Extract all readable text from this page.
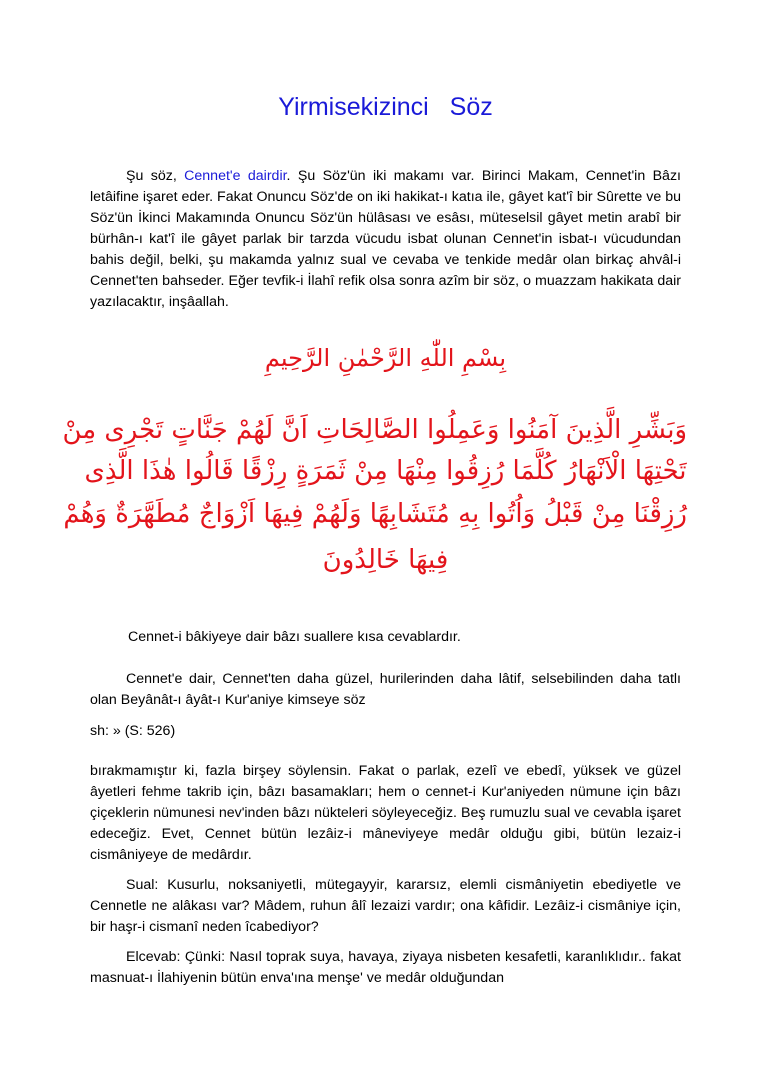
Yirmisekizinci Söz

Şu söz, Cennet'e dairdir. Şu Söz'ün iki makamı var. Birinci Makam, Cennet'in Bâzı letâifine işaret eder. Fakat Onuncu Söz'de on iki hakikat-ı katıa ile, gâyet kat'î bir Sûrette ve bu Söz'ün İkinci Makamında Onuncu Söz'ün hülâsası ve esâsı, müteselsil gâyet metin arabî bir bürhân-ı kat'î ile gâyet parlak bir tarzda vücudu isbat olunan Cennet'in isbat-ı vücudundan bahis değil, belki, şu makamda yalnız sual ve cevaba ve tenkide medâr olan birkaç ahvâl-i Cennet'ten bahseder. Eğer tevfik-i İlahî refik olsa sonra azîm bir söz, o muazzam hakikata dair yazılacaktır, inşâallah.

بِسْمِ اللّٰهِ الرَّحْمٰنِ الرَّحِيمِ
وَبَشِّرِ الَّذِينَ آمَنُوا وَعَمِلُوا الصَّالِحَاتِ اَنَّ لَهُمْ جَنَّاتٍ تَجْرِى مِنْ
تَحْتِهَا الْاَنْهَارُ كُلَّمَا رُزِقُوا مِنْهَا مِنْ ثَمَرَةٍ رِزْقًا قَالُوا هٰذَا الَّذِى
رُزِقْنَا مِنْ قَبْلُ وَاُتُوا بِهِ مُتَشَابِهًا وَلَهُمْ فِيهَا اَزْوَاجٌ مُطَهَّرَةٌ وَهُمْ
فِيهَا خَالِدُونَ

Cennet-i bâkiyeye dair bâzı suallere kısa cevablardır.

Cennet'e dair, Cennet'ten daha güzel, hurilerinden daha lâtif, selsebilinden daha tatlı olan Beyânât-ı âyât-ı Kur'aniye kimseye söz

sh: » (S: 526)

bırakmamıştır ki, fazla birşey söylensin. Fakat o parlak, ezelî ve ebedî, yüksek ve güzel âyetleri fehme takrib için, bâzı basamakları; hem o cennet-i Kur'aniyeden nümune için bâzı çiçeklerin nümunesi nev'inden bâzı nükteleri söyleyeceğiz. Beş rumuzlu sual ve cevabla işaret edeceğiz. Evet, Cennet bütün lezâiz-i mâneviyeye medâr olduğu gibi, bütün lezaiz-i cismâniyeye de medârdır.

Sual: Kusurlu, noksaniyetli, mütegayyir, kararsız, elemli cismâniyetin ebediyetle ve Cennetle ne alâkası var? Mâdem, ruhun âlî lezaizi vardır; ona kâfidir. Lezâiz-i cismâniye için, bir haşr-i cismanî neden îcabediyor?

Elcevab: Çünki: Nasıl toprak suya, havaya, ziyaya nisbeten kesafetli, karanlıklıdır.. fakat masnuat-ı İlahiyenin bütün enva'ına menşe' ve medâr olduğundan
